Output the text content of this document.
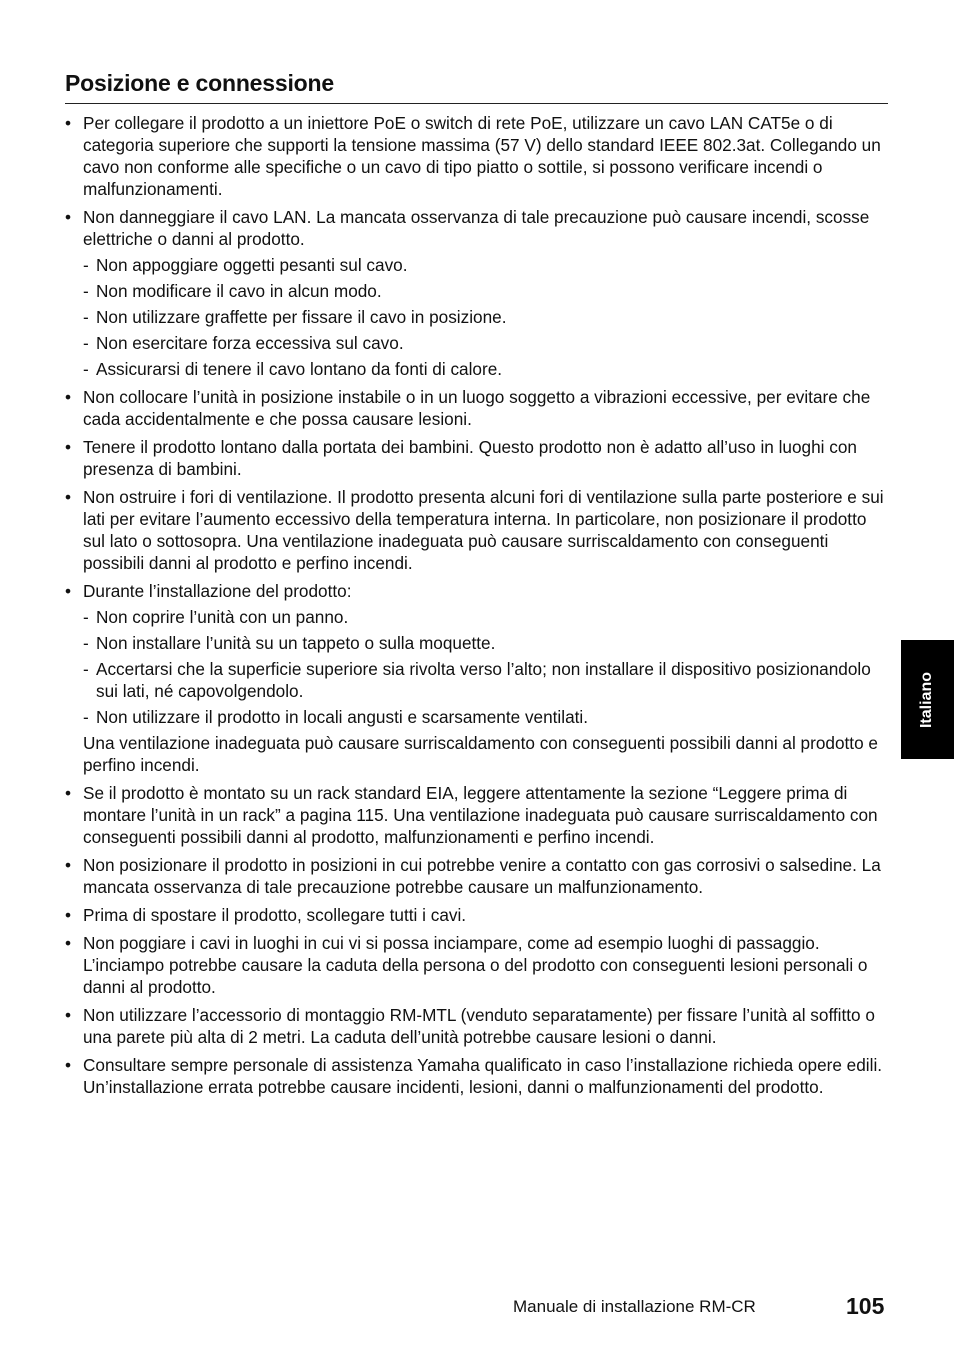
Posizione e connessione
• Per collegare il prodotto a un iniettore PoE o switch di rete PoE, utilizzare un cavo LAN CAT5e o di categoria superiore che supporti la tensione massima (57 V) dello standard IEEE 802.3at. Collegando un cavo non conforme alle specifiche o un cavo di tipo piatto o sottile, si possono verificare incendi o malfunzionamenti.
• Non danneggiare il cavo LAN. La mancata osservanza di tale precauzione può causare incendi, scosse elettriche o danni al prodotto.
- Non appoggiare oggetti pesanti sul cavo.
- Non modificare il cavo in alcun modo.
- Non utilizzare graffette per fissare il cavo in posizione.
- Non esercitare forza eccessiva sul cavo.
- Assicurarsi di tenere il cavo lontano da fonti di calore.
• Non collocare l’unità in posizione instabile o in un luogo soggetto a vibrazioni eccessive, per evitare che cada accidentalmente e che possa causare lesioni.
• Tenere il prodotto lontano dalla portata dei bambini. Questo prodotto non è adatto all’uso in luoghi con presenza di bambini.
• Non ostruire i fori di ventilazione. Il prodotto presenta alcuni fori di ventilazione sulla parte posteriore e sui lati per evitare l’aumento eccessivo della temperatura interna. In particolare, non posizionare il prodotto sul lato o sottosopra. Una ventilazione inadeguata può causare surriscaldamento con conseguenti possibili danni al prodotto e perfino incendi.
• Durante l’installazione del prodotto:
- Non coprire l’unità con un panno.
- Non installare l’unità su un tappeto o sulla moquette.
- Accertarsi che la superficie superiore sia rivolta verso l’alto; non installare il dispositivo posizionandolo sui lati, né capovolgendolo.
- Non utilizzare il prodotto in locali angusti e scarsamente ventilati.
Una ventilazione inadeguata può causare surriscaldamento con conseguenti possibili danni al prodotto e perfino incendi.
• Se il prodotto è montato su un rack standard EIA, leggere attentamente la sezione “Leggere prima di montare l’unità in un rack” a pagina 115. Una ventilazione inadeguata può causare surriscaldamento con conseguenti possibili danni al prodotto, malfunzionamenti e perfino incendi.
• Non posizionare il prodotto in posizioni in cui potrebbe venire a contatto con gas corrosivi o salsedine. La mancata osservanza di tale precauzione potrebbe causare un malfunzionamento.
• Prima di spostare il prodotto, scollegare tutti i cavi.
• Non poggiare i cavi in luoghi in cui vi si possa inciampare, come ad esempio luoghi di passaggio. L’inciampo potrebbe causare la caduta della persona o del prodotto con conseguenti lesioni personali o danni al prodotto.
• Non utilizzare l’accessorio di montaggio RM-MTL (venduto separatamente) per fissare l’unità al soffitto o una parete più alta di 2 metri. La caduta dell’unità potrebbe causare lesioni o danni.
• Consultare sempre personale di assistenza Yamaha qualificato in caso l’installazione richieda opere edili. Un’installazione errata potrebbe causare incidenti, lesioni, danni o malfunzionamenti del prodotto.
Italiano
Manuale di installazione RM-CR	105
